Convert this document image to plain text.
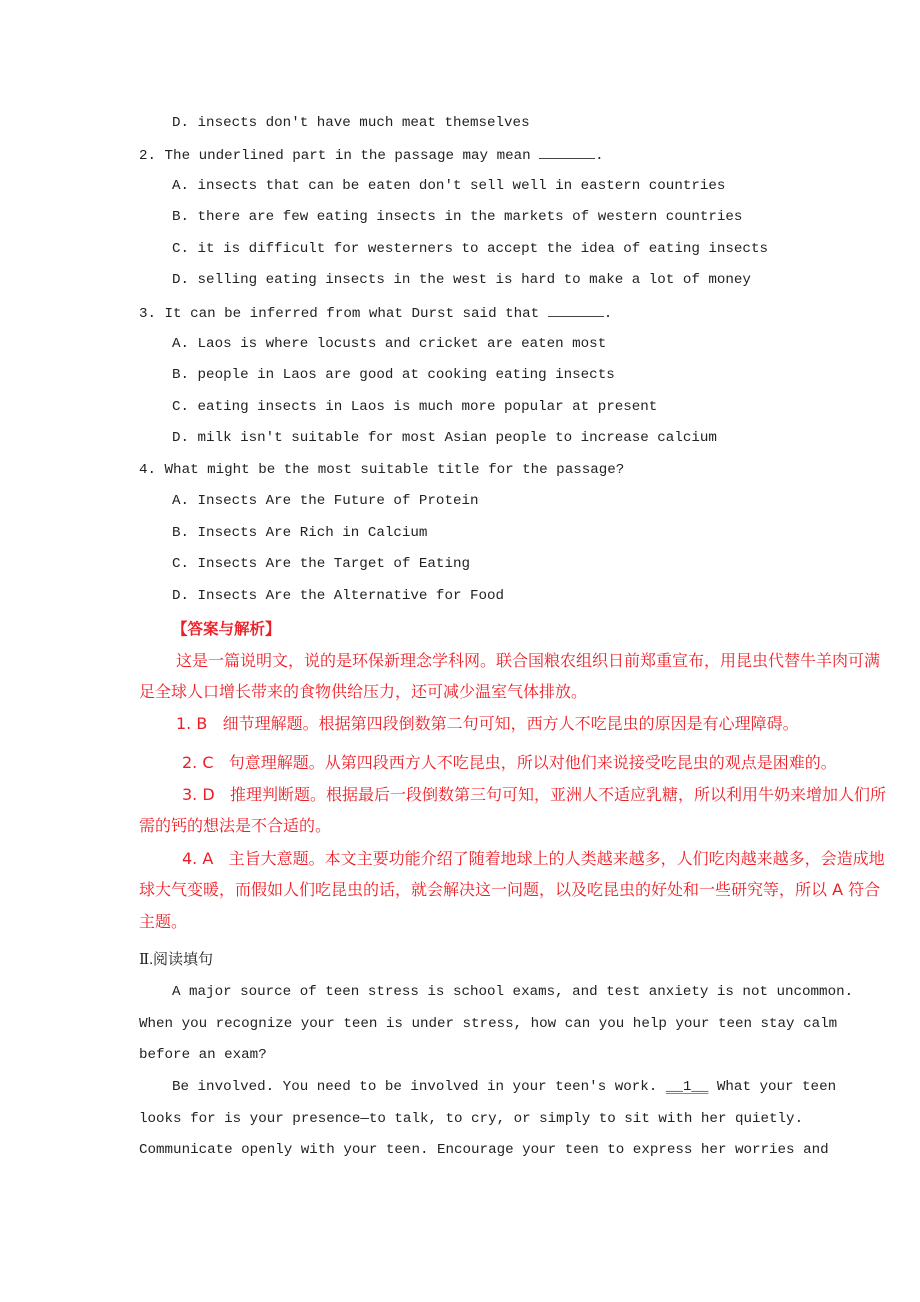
D. insects don't have much meat themselves
2. The underlined part in the passage may mean	.
A. insects that can be eaten don't sell well in eastern countries
B. there are few eating insects in the markets of western countries
C. it is difficult for westerners to accept the idea of eating insects
D. selling eating insects in the west is hard to make a lot of money
3. It can be inferred from what Durst said that	.
A. Laos is where locusts and cricket are eaten most
B. people in Laos are good at cooking eating insects
C. eating insects in Laos is much more popular at present
D. milk isn't suitable for most Asian people to increase calcium
4. What might be the most suitable title for the passage?
A. Insects Are the Future of Protein
B. Insects Are Rich in Calcium
C. Insects Are the Target of Eating
D. Insects Are the Alternative for Food
【答案与解析】
这是一篇说明文，说的是环保新理念学科网。联合国粮农组织日前郑重宣布，用昆虫代替牛羊肉可满
足全球人口增长带来的食物供给压力，还可减少温室气体排放。
1. B 细节理解题。根据第四段倒数第二句可知，西方人不吃昆虫的原因是有心理障碍。
2. C 句意理解题。从第四段西方人不吃昆虫，所以对他们来说接受吃昆虫的观点是困难的。
3. D 推理判断题。根据最后一段倒数第三句可知，亚洲人不适应乳糖，所以利用牛奶来增加人们所
需的钙的想法是不合适的。
4. A 主旨大意题。本文主要功能介绍了随着地球上的人类越来越多，人们吃肉越来越多，会造成地
球大气变暖，而假如人们吃昆虫的话，就会解决这一问题，以及吃昆虫的好处和一些研究等，所以 A 符合
主题。
Ⅱ.阅读填句
A major source of teen stress is school exams, and test anxiety is not uncommon.
When you recognize your teen is under stress, how can you help your teen stay calm
before an exam?
Be involved. You need to be involved in your teen's work. __1__ What your teen
looks for is your presence—to talk, to cry, or simply to sit with her quietly.
Communicate openly with your teen. Encourage your teen to express her worries and
